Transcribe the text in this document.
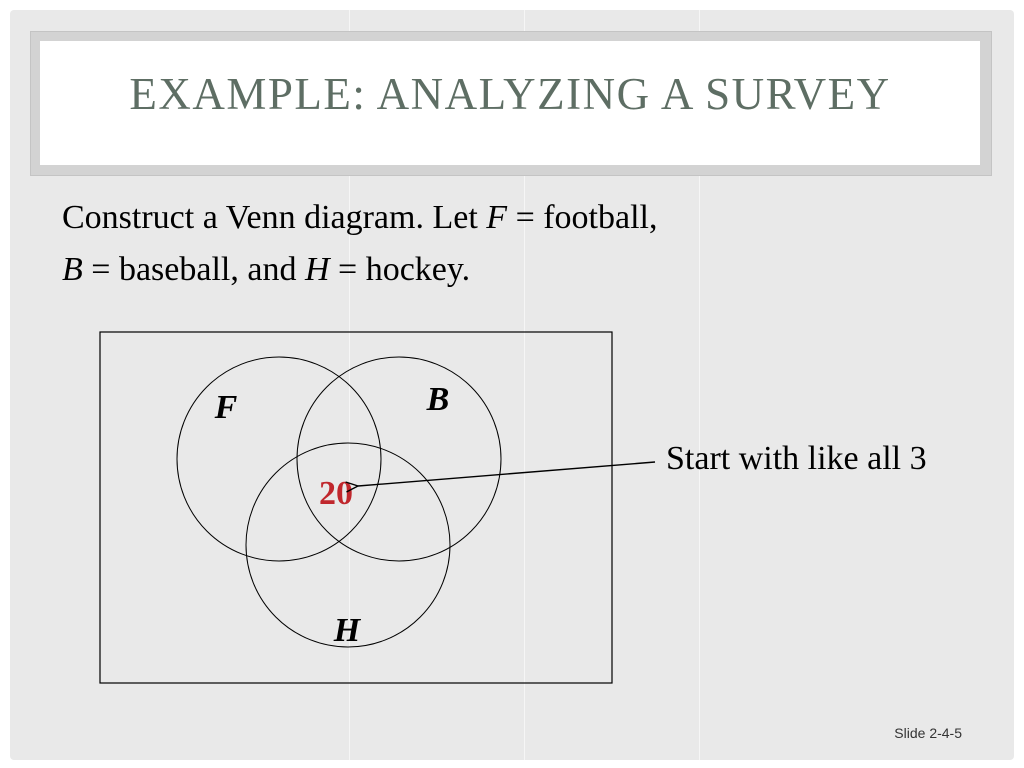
EXAMPLE: ANALYZING A SURVEY
Construct a Venn diagram. Let F = football,
B = baseball, and H = hockey.
F	B
H
20
Start with like all 3
Slide 2-4-5
